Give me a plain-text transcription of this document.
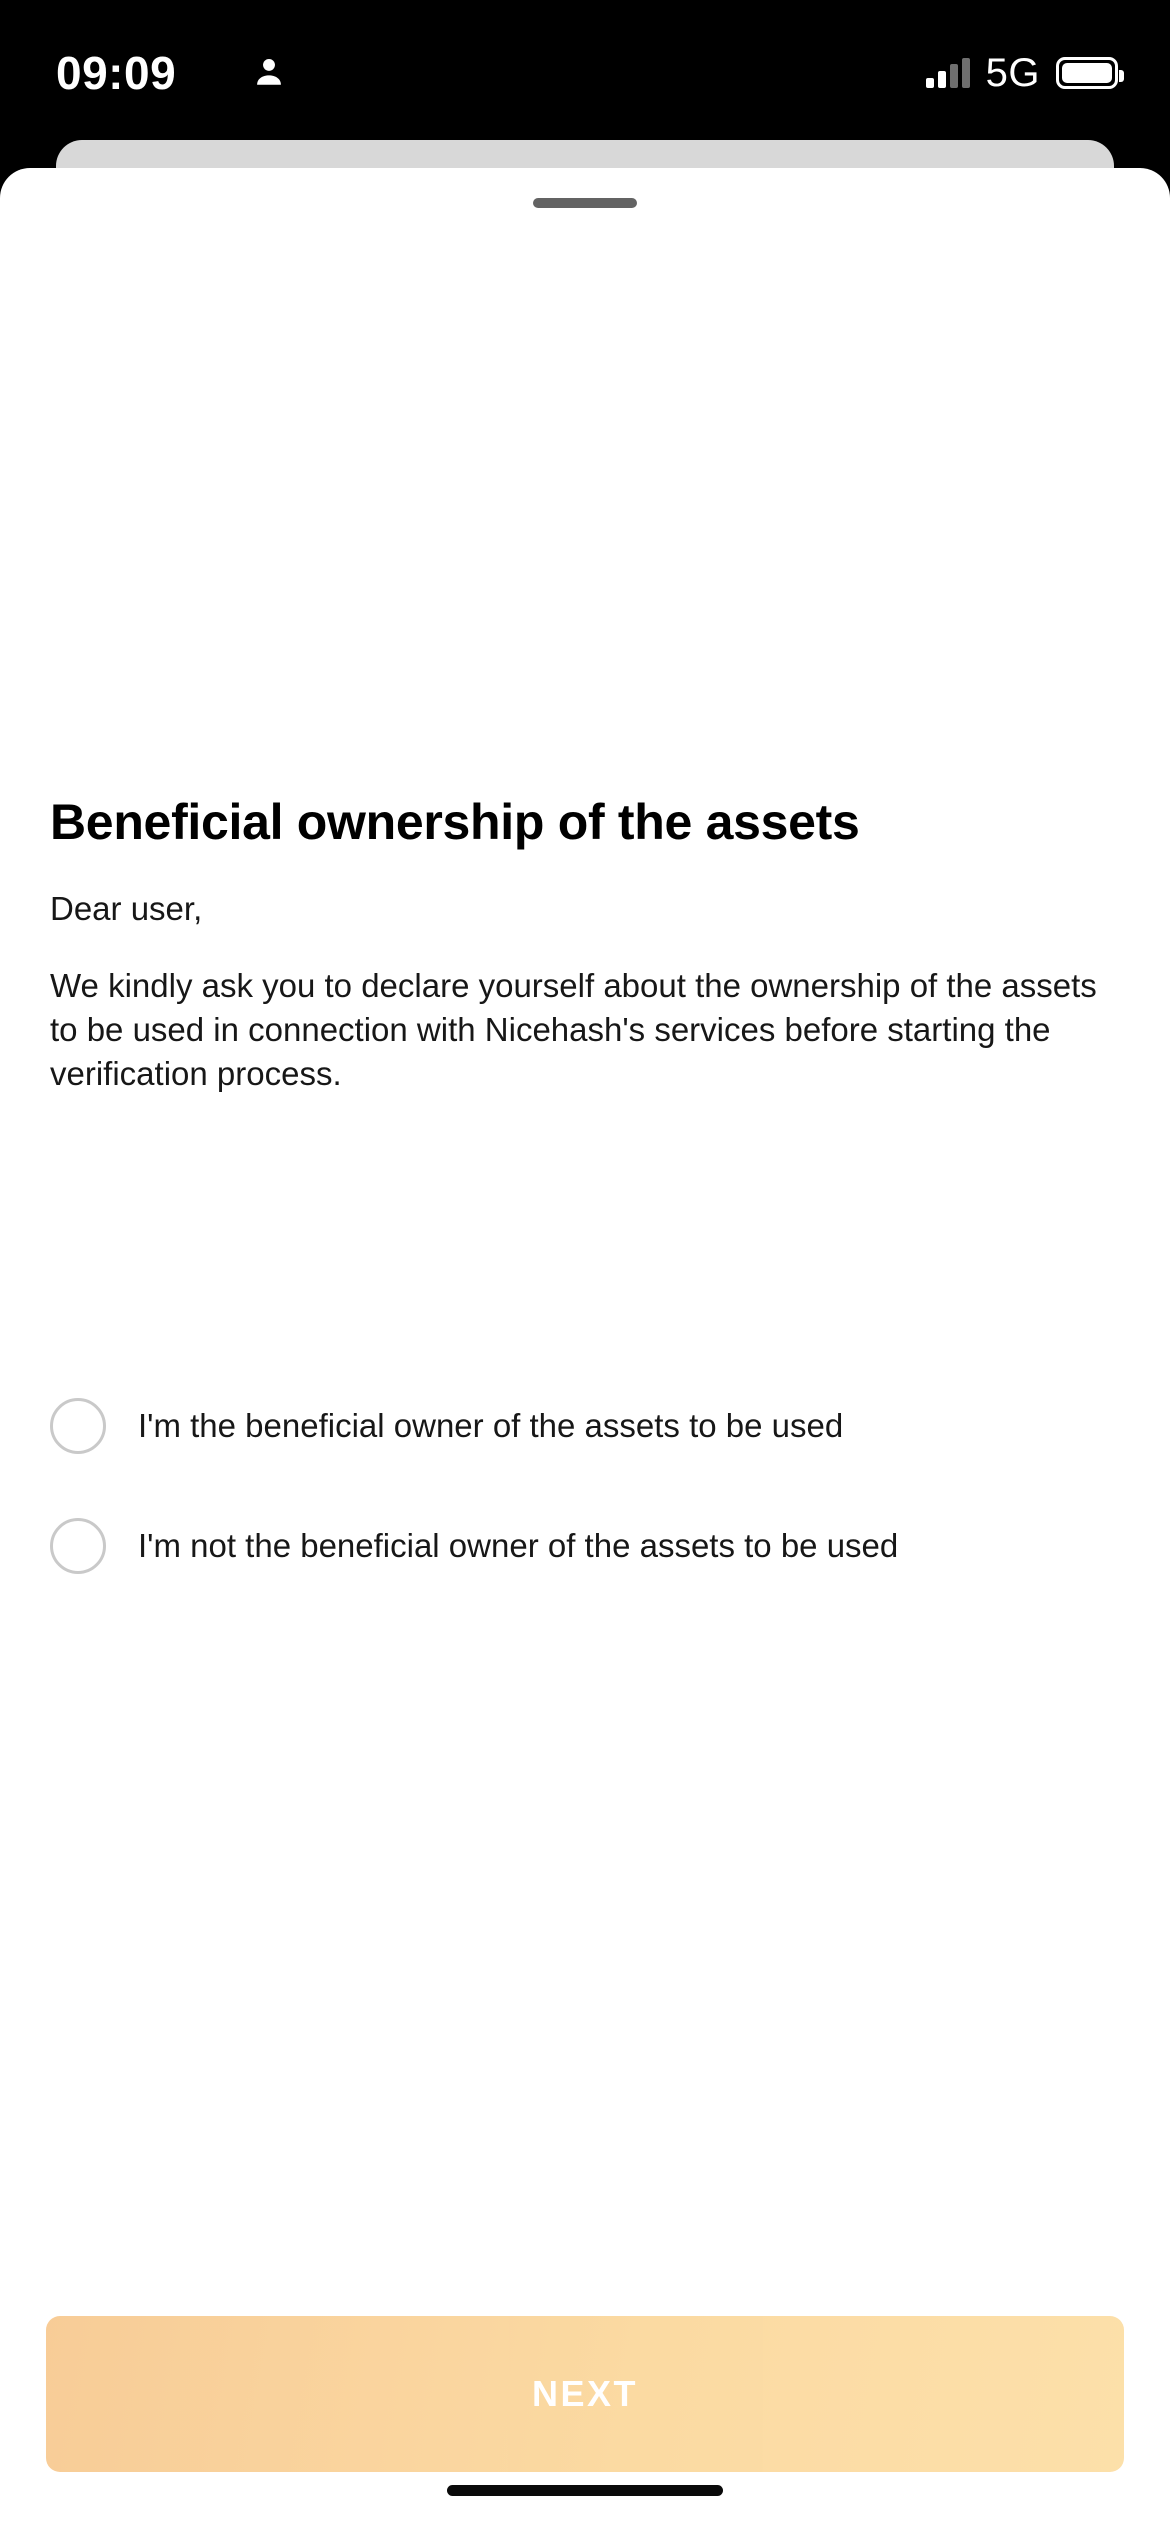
09:09	5G
Beneficial ownership of the assets

Dear user,

We kindly ask you to declare yourself about the ownership of the assets to be used in connection with Nicehash's services before starting the verification process.

I'm the beneficial owner of the assets to be used
I'm not the beneficial owner of the assets to be used
NEXT
